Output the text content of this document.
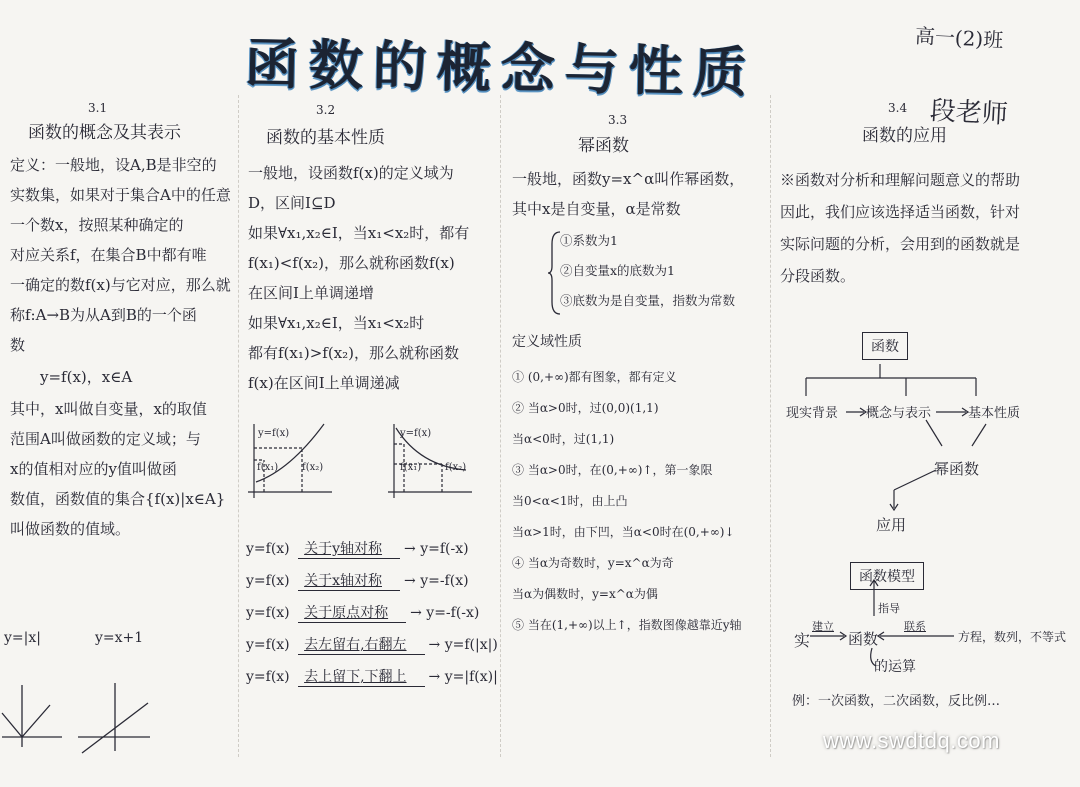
函数的概念与性质	高一(2)班
段老师

3.1

函数的概念及其表示

定义：一般地，设A,B是非空的

实数集，如果对于集合A中的任意

一个数x，按照某种确定的

对应关系f，在集合B中都有唯

一确定的数f(x)与它对应，那么就

称f:A→B为从A到B的一个函

数

y=f(x)，x∈A

其中，x叫做自变量，x的取值

范围A叫做函数的定义域；与

x的值相对应的y值叫做函

数值，函数值的集合{f(x)|x∈A}

叫做函数的值域。

y=|x|	y=x+1

3.2

函数的基本性质

一般地，设函数f(x)的定义域为

D，区间I⊆D

如果∀x₁,x₂∈I，当x₁<x₂时，都有

f(x₁)<f(x₂)，那么就称函数f(x)

在区间I上单调递增

如果∀x₁,x₂∈I，当x₁<x₂时

都有f(x₁)>f(x₂)，那么就称函数

f(x)在区间I上单调递减

y=f(x)
f(x₁) f(x₂)
y=f(x)
f(x₁) f(x₂)
y=f(x) 关于y轴对称 → y=f(-x)
y=f(x) 关于x轴对称 → y=-f(x)
y=f(x) 关于原点对称 → y=-f(-x)
y=f(x) 去左留右,右翻左 → y=f(|x|)
y=f(x) 去上留下,下翻上 → y=|f(x)|

3.3

幂函数

一般地，函数y=x^α叫作幂函数，

其中x是自变量，α是常数

①系数为1

②自变量x的底数为1

③底数为是自变量，指数为常数

定义域性质

① (0,+∞)都有图象，都有定义

② 当α>0时，过(0,0)(1,1)

当α<0时，过(1,1)

③ 当α>0时，在(0,+∞)↑，第一象限

当0<α<1时，由上凸

当α>1时，由下凹，当α<0时在(0,+∞)↓

④ 当α为奇数时，y=x^α为奇

当α为偶数时，y=x^α为偶

⑤ 当在(1,+∞)以上↑，指数图像越靠近y轴

3.4

函数的应用

※函数对分析和理解问题意义的帮助

因此，我们应该选择适当函数，针对

实际问题的分析，会用到的函数就是

分段函数。

函数
现实背景 概念与表示	基本性质
幂函数
应用
函数模型
指导
实
建立
函数
联系
方程，数列，不等式
的运算
例：一次函数，二次函数，反比例…
www.swdtdq.com
